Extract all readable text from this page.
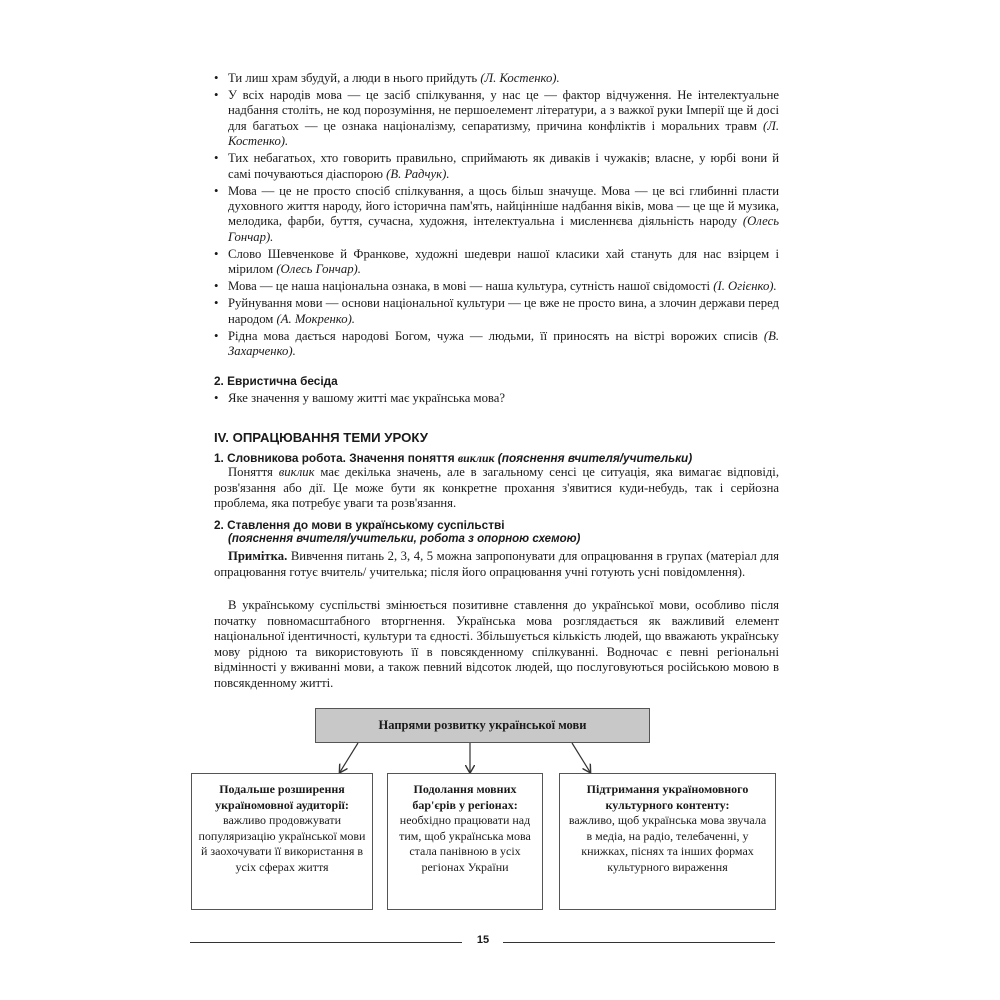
• Ти лиш храм збудуй, а люди в нього прийдуть (Л. Костенко).
• У всіх народів мова — це засіб спілкування, у нас це — фактор відчуження. Не інтелектуальне надбання століть, не код порозуміння, не першоелемент літератури, а з важкої руки Імперії ще й досі для багатьох — це ознака націоналізму, сепаратизму, причина конфліктів і моральних травм (Л. Костенко).
• Тих небагатьох, хто говорить правильно, сприймають як диваків і чужаків; власне, у юрбі вони й самі почуваються діаспорою (В. Радчук).
• Мова — це не просто спосіб спілкування, а щось більш значуще. Мова — це всі глибинні пласти духовного життя народу, його історична пам'ять, найцінніше надбання віків, мова — це ще й музика, мелодика, фарби, буття, сучасна, художня, інтелектуальна і мисленнєва діяльність народу (Олесь Гончар).
• Слово Шевченкове й Франкове, художні шедеври нашої класики хай стануть для нас взірцем і мірилом (Олесь Гончар).
• Мова — це наша національна ознака, в мові — наша культура, сутність нашої свідомості (І. Огієнко).
• Руйнування мови — основи національної культури — це вже не просто вина, а злочин держави перед народом (А. Мокренко).
• Рідна мова дається народові Богом, чужа — людьми, її приносять на вістрі ворожих списів (В. Захарченко).
2. Евристична бесіда
• Яке значення у вашому житті має українська мова?
IV. ОПРАЦЮВАННЯ ТЕМИ УРОКУ
1. Словникова робота. Значення поняття виклик (пояснення вчителя/учительки)
Поняття виклик має декілька значень, але в загальному сенсі це ситуація, яка вимагає відповіді, розв'язання або дії. Це може бути як конкретне прохання з'явитися куди-небудь, так і серйозна проблема, яка потребує уваги та розв'язання.
2. Ставлення до мови в українському суспільстві
(пояснення вчителя/учительки, робота з опорною схемою)
Примітка. Вивчення питань 2, 3, 4, 5 можна запропонувати для опрацювання в групах (матеріал для опрацювання готує вчитель/ учителька; після його опрацювання учні готують усні повідомлення).
В українському суспільстві змінюється позитивне ставлення до української мови, особливо після початку повномасштабного вторгнення. Українська мова розглядається як важливий елемент національної ідентичності, культури та єдності. Збільшується кількість людей, що вважають українську мову рідною та використовують її в повсякденному спілкуванні. Водночас є певні регіональні відмінності у вживанні мови, а також певний відсоток людей, що послуговуються російською мовою в повсякденному житті.
Напрями розвитку української мови
Подальше розширення україномовної аудиторії:
важливо продовжувати популяризацію української мови й заохочувати її використання в усіх сферах життя
Подолання мовних бар'єрів у регіонах:
необхідно працювати над тим, щоб українська мова стала панівною в усіх регіонах України
Підтримання україномовного культурного контенту:
важливо, щоб українська мова звучала в медіа, на радіо, телебаченні, у книжках, піснях та інших формах культурного вираження
15
